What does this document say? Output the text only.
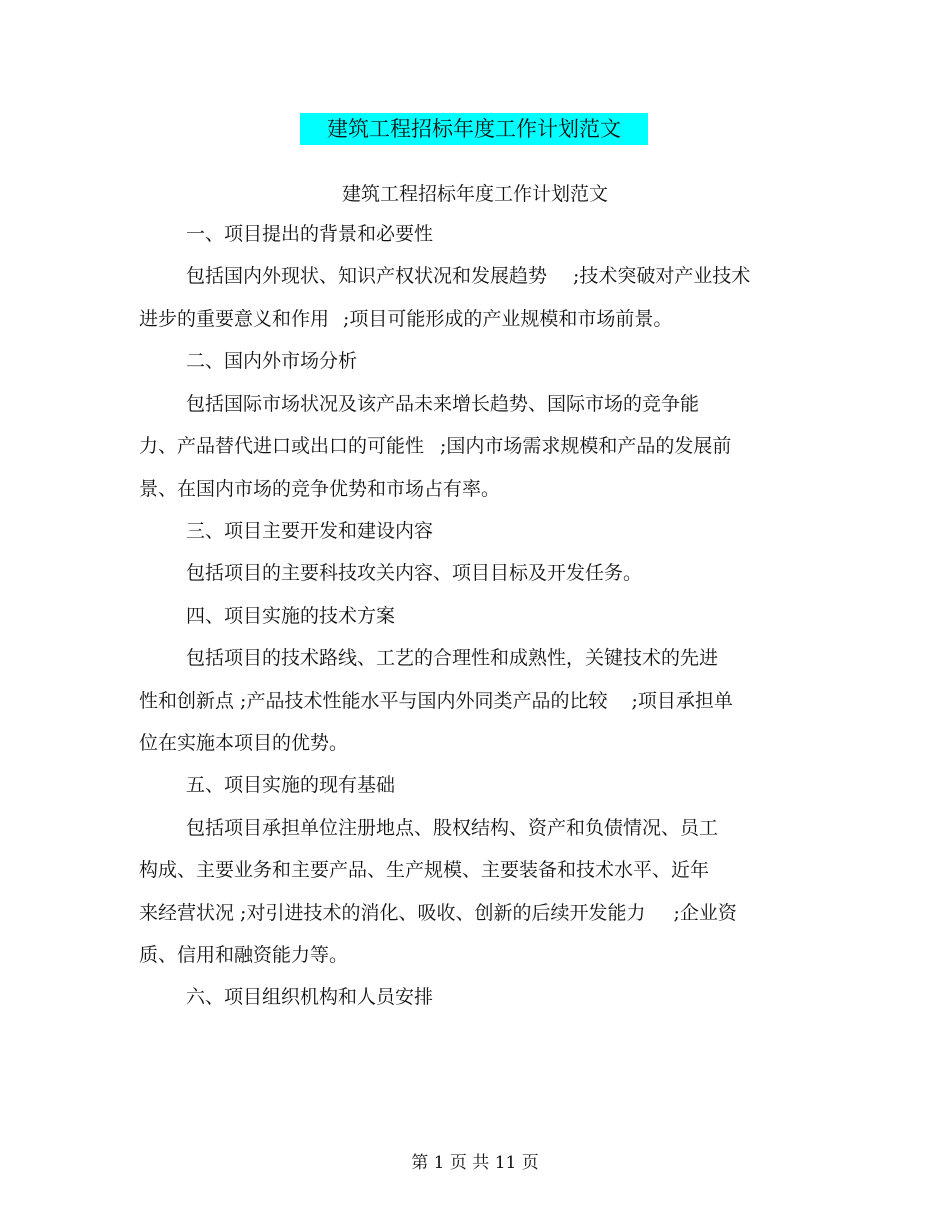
建筑工程招标年度工作计划范文
建筑工程招标年度工作计划范文
一、项目提出的背景和必要性
包括国内外现状、知识产权状况和发展趋势 ;技术突破对产业技术
进步的重要意义和作用 ;项目可能形成的产业规模和市场前景。
二、国内外市场分析
包括国际市场状况及该产品未来增长趋势、国际市场的竞争能
力、产品替代进口或出口的可能性 ;国内市场需求规模和产品的发展前
景、在国内市场的竞争优势和市场占有率。
三、项目主要开发和建设内容
包括项目的主要科技攻关内容、项目目标及开发任务。
四、项目实施的技术方案
包括项目的技术路线、工艺的合理性和成熟性，关键技术的先进
性和创新点 ;产品技术性能水平与国内外同类产品的比较 ;项目承担单
位在实施本项目的优势。
五、项目实施的现有基础
包括项目承担单位注册地点、股权结构、资产和负债情况、员工
构成、主要业务和主要产品、生产规模、主要装备和技术水平、近年
来经营状况 ;对引进技术的消化、吸收、创新的后续开发能力 ;企业资
质、信用和融资能力等。
六、项目组织机构和人员安排
第 1 页 共 11 页
